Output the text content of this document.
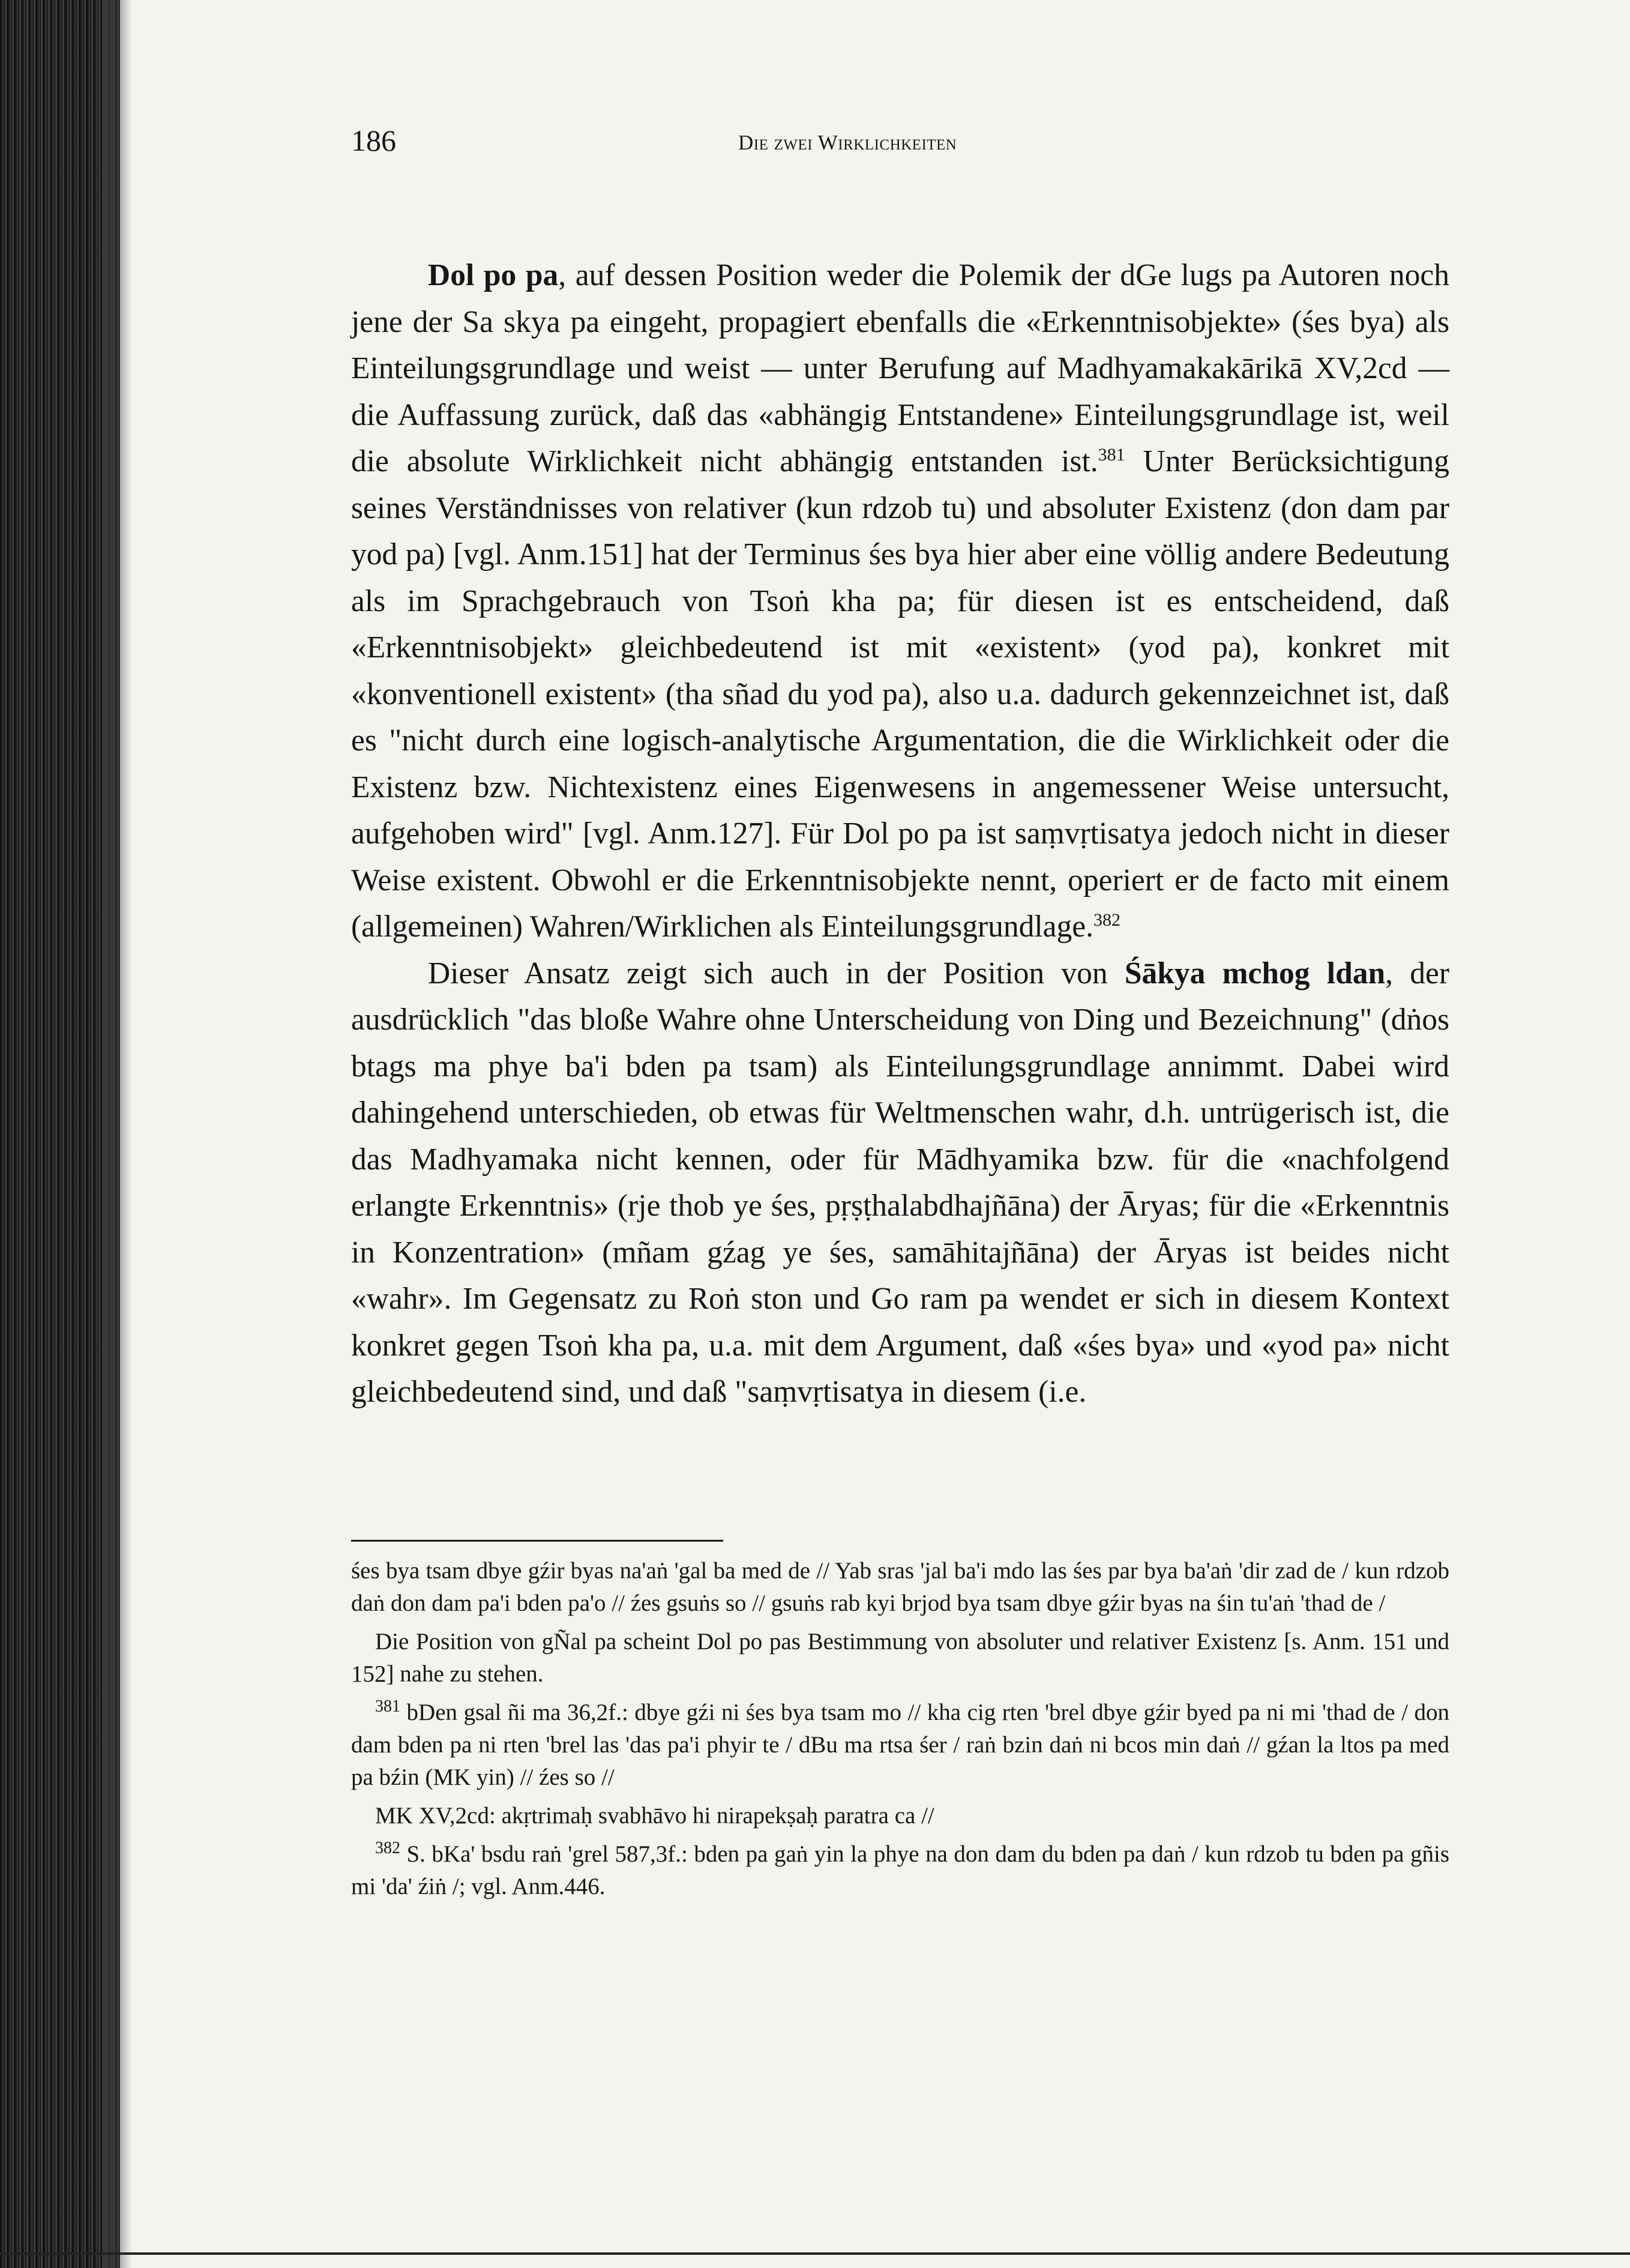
186	Die zwei Wirklichkeiten

Dol po pa, auf dessen Position weder die Polemik der dGe lugs pa Autoren noch jene der Sa skya pa eingeht, propagiert ebenfalls die «Erkenntnisobjekte» (śes bya) als Einteilungsgrundlage und weist — unter Berufung auf Madhyamakakārikā XV,2cd — die Auffassung zurück, daß das «abhängig Entstandene» Einteilungsgrundlage ist, weil die absolute Wirklichkeit nicht abhängig entstanden ist.$^{381}$ Unter Berücksichtigung seines Verständnisses von relativer (kun rdzob tu) und absoluter Existenz (don dam par yod pa) [vgl. Anm.151] hat der Terminus śes bya hier aber eine völlig andere Bedeutung als im Sprachgebrauch von Tsoṅ kha pa; für diesen ist es entscheidend, daß «Erkenntnisobjekt» gleichbedeutend ist mit «existent» (yod pa), konkret mit «konventionell existent» (tha sñad du yod pa), also u.a. dadurch gekennzeichnet ist, daß es "nicht durch eine logisch-analytische Argumentation, die die Wirklichkeit oder die Existenz bzw. Nichtexistenz eines Eigenwesens in angemessener Weise untersucht, aufgehoben wird" [vgl. Anm.127]. Für Dol po pa ist saṃvṛtisatya jedoch nicht in dieser Weise existent. Obwohl er die Erkenntnisobjekte nennt, operiert er de facto mit einem (allgemeinen) Wahren/Wirklichen als Einteilungsgrundlage.$^{382}$

Dieser Ansatz zeigt sich auch in der Position von Śākya mchog ldan, der ausdrücklich "das bloße Wahre ohne Unterscheidung von Ding und Bezeichnung" (dṅos btags ma phye ba'i bden pa tsam) als Einteilungsgrundlage annimmt. Dabei wird dahingehend unterschieden, ob etwas für Weltmenschen wahr, d.h. untrügerisch ist, die das Madhyamaka nicht kennen, oder für Mādhyamika bzw. für die «nachfolgend erlangte Erkenntnis» (rje thob ye śes, pṛṣṭhalabdhajñāna) der Āryas; für die «Erkenntnis in Konzentration» (mñam gźag ye śes, samāhitajñāna) der Āryas ist beides nicht «wahr». Im Gegensatz zu Roṅ ston und Go ram pa wendet er sich in diesem Kontext konkret gegen Tsoṅ kha pa, u.a. mit dem Argument, daß «śes bya» und «yod pa» nicht gleichbedeutend sind, und daß "saṃvṛtisatya in diesem (i.e.

śes bya tsam dbye gźir byas na'aṅ 'gal ba med de // Yab sras 'jal ba'i mdo las śes par bya ba'aṅ 'dir zad de / kun rdzob daṅ don dam pa'i bden pa'o // źes gsuṅs so // gsuṅs rab kyi brjod bya tsam dbye gźir byas na śin tu'aṅ 'thad de /

Die Position von gÑal pa scheint Dol po pas Bestimmung von absoluter und relativer Existenz [s. Anm. 151 und 152] nahe zu stehen.

$^{381}$ bDen gsal ñi ma 36,2f.: dbye gźi ni śes bya tsam mo // kha cig rten 'brel dbye gźir byed pa ni mi 'thad de / don dam bden pa ni rten 'brel las 'das pa'i phyir te / dBu ma rtsa śer / raṅ bzin daṅ ni bcos min daṅ // gźan la ltos pa med pa bźin (MK yin) // źes so //

MK XV,2cd: akṛtrimaḥ svabhāvo hi nirapekṣaḥ paratra ca //

$^{382}$ S. bKa' bsdu raṅ 'grel 587,3f.: bden pa gaṅ yin la phye na don dam du bden pa daṅ / kun rdzob tu bden pa gñis mi 'da' źiṅ /; vgl. Anm.446.
